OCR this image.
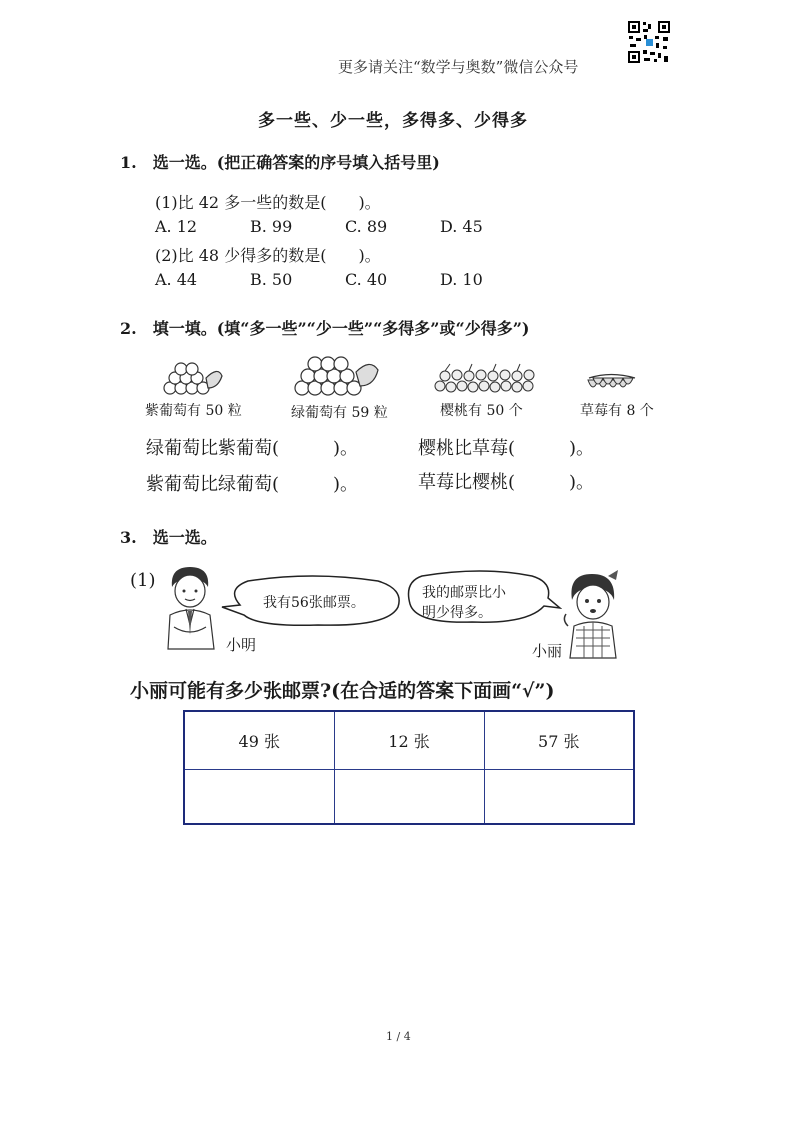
更多请关注“数学与奥数”微信公众号
多一些、少一些，多得多、少得多
1.　选一选。(把正确答案的序号填入括号里)
(1)比 42 多一些的数是(　　)。
A. 12	B. 99	C. 89	D. 45
(2)比 48 少得多的数是(　　)。
A. 44	B. 50	C. 40	D. 10
2.　填一填。(填“多一些”“少一些”“多得多”或“少得多”)
紫葡萄有 50 粒	绿葡萄有 59 粒	樱桃有 50 个	草莓有 8 个
绿葡萄比紫葡萄(　　　)。	樱桃比草莓(　　　)。
紫葡萄比绿葡萄(　　　)。	草莓比樱桃(　　　)。
3.　选一选。
(1)
小明
我有56张邮票。
我的邮票比小
明少得多。
小丽
小丽可能有多少张邮票?(在合适的答案下面画“√”)
49 张	12 张	57 张

1 / 4
